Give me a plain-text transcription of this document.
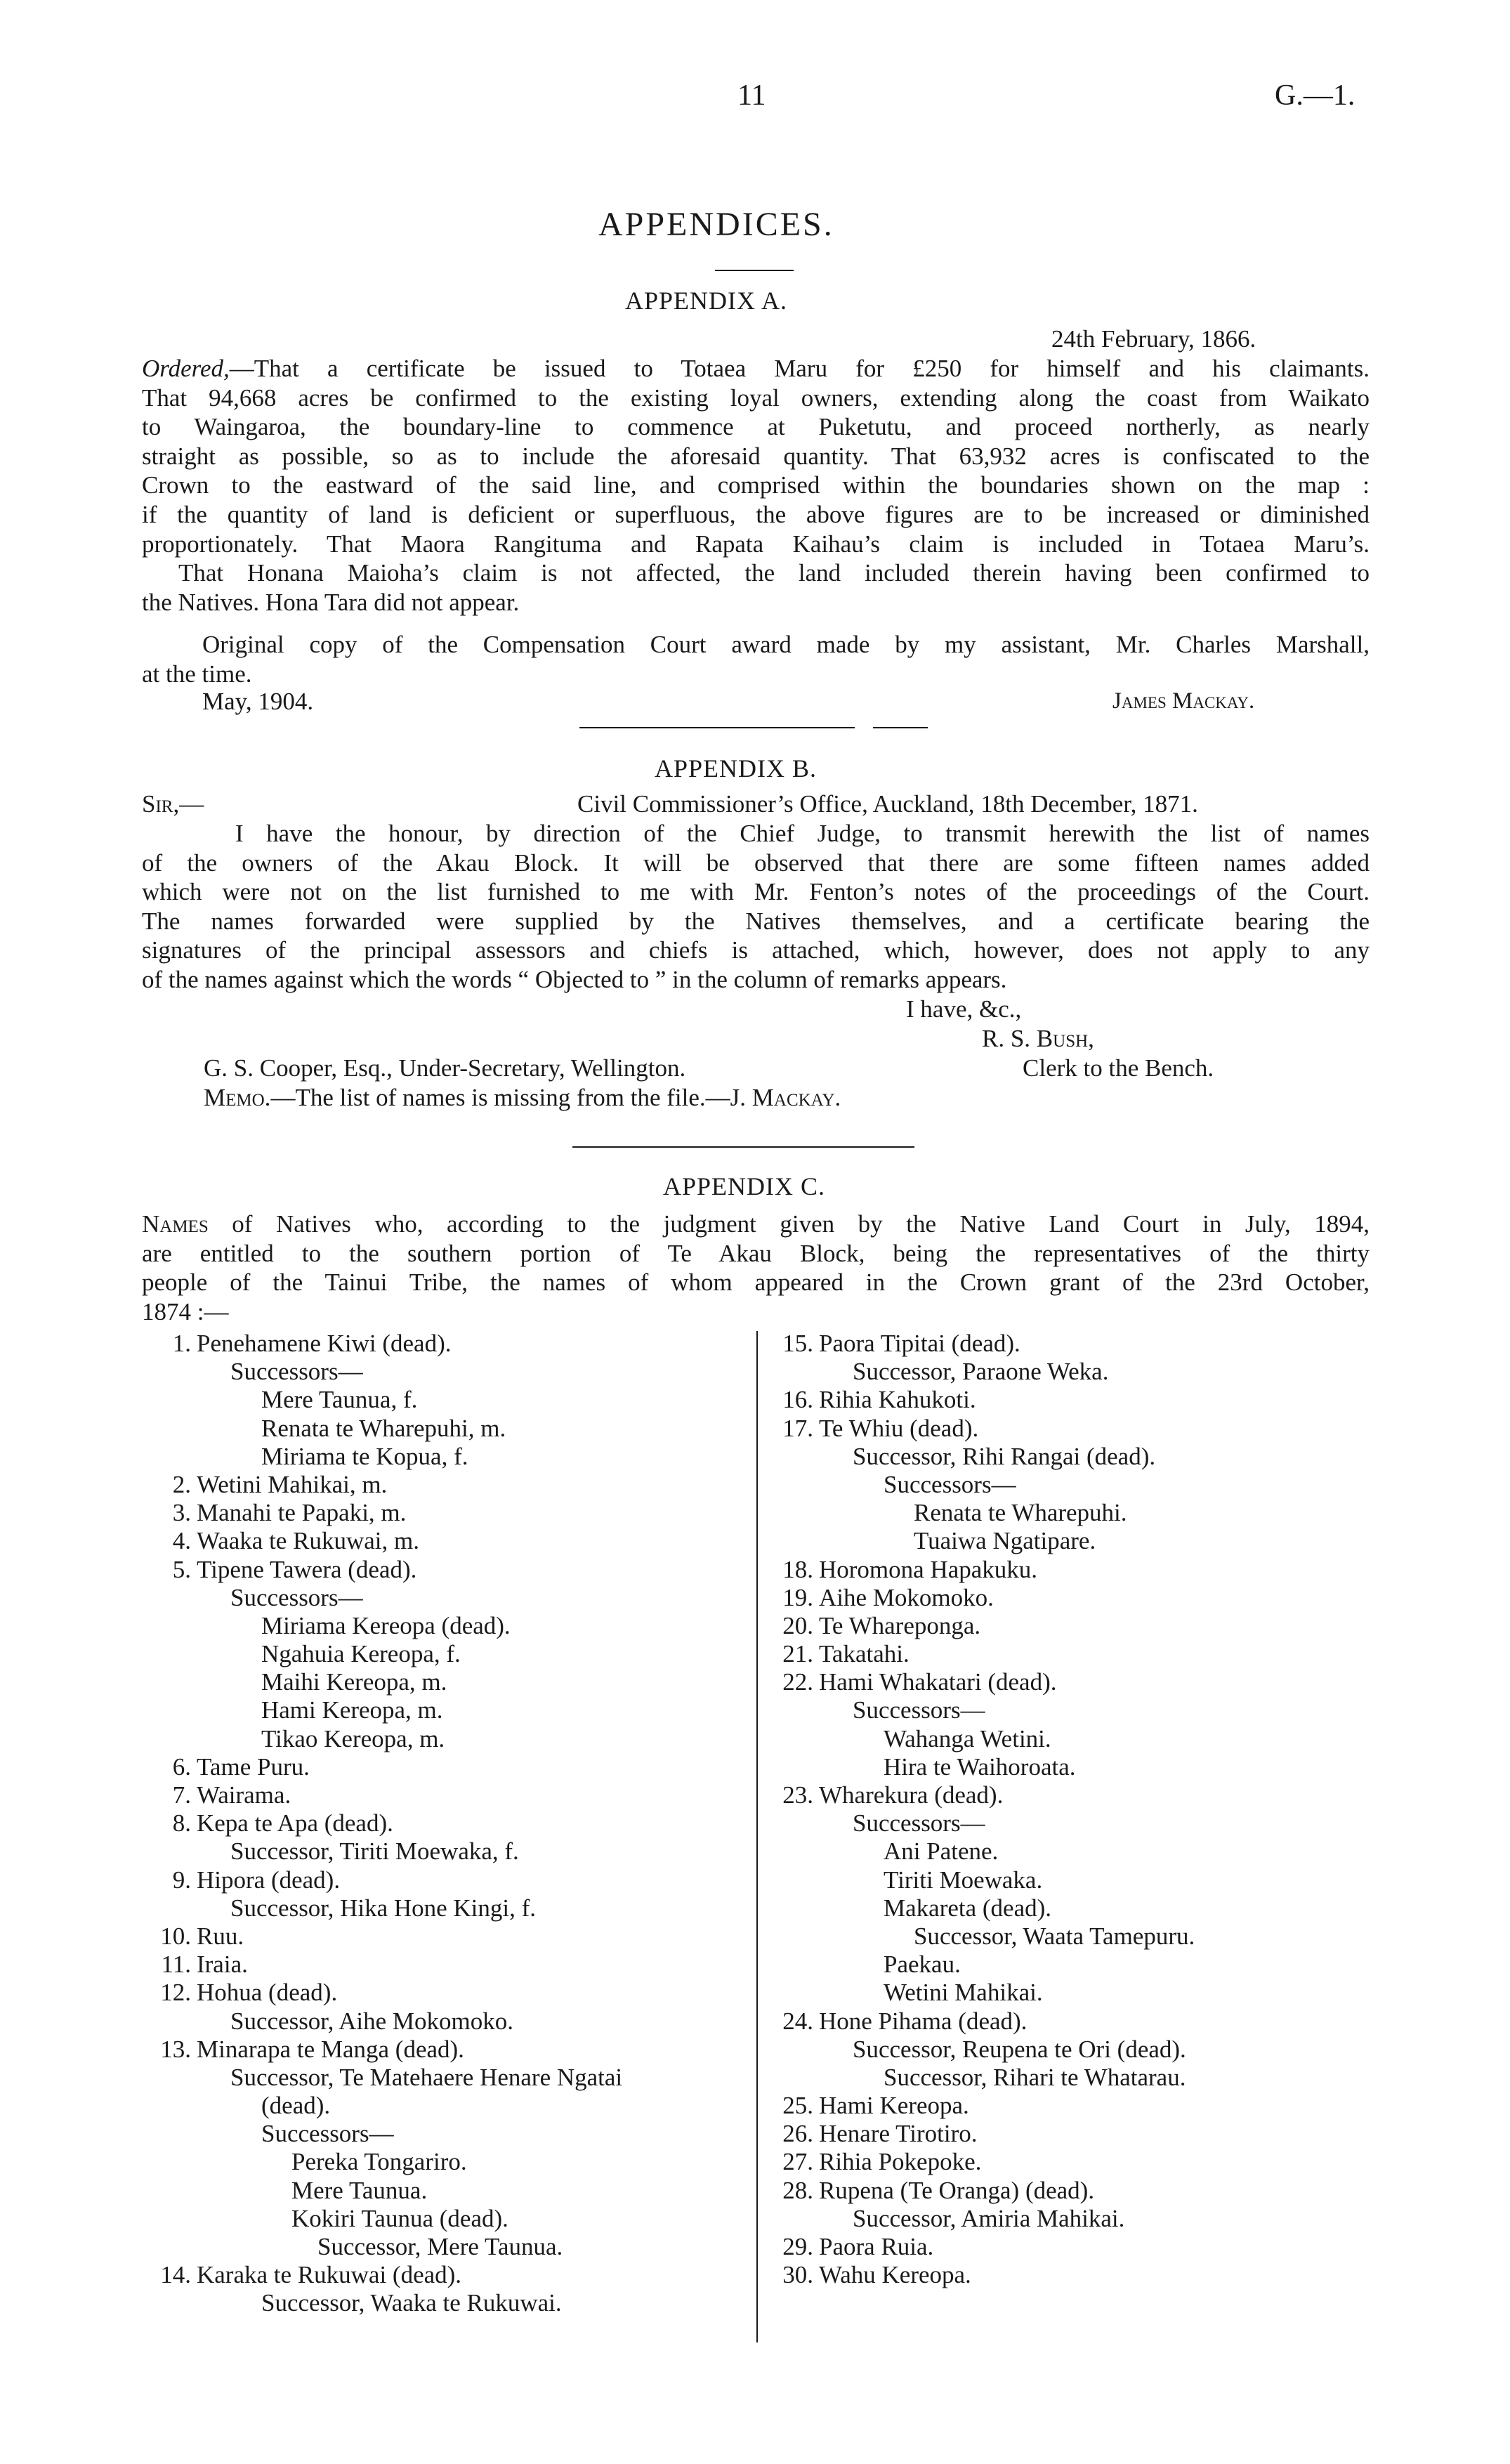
11	G.—1.
APPENDICES.
APPENDIX A.
24th February, 1866.
Ordered,—That a certificate be issued to Totaea Maru for £250 for himself and his claimants.
That 94,668 acres be confirmed to the existing loyal owners, extending along the coast from Waikato
to Waingaroa, the boundary-line to commence at Puketutu, and proceed northerly, as nearly
straight as possible, so as to include the aforesaid quantity. That 63,932 acres is confiscated to the
Crown to the eastward of the said line, and comprised within the boundaries shown on the map :
if the quantity of land is deficient or superfluous, the above figures are to be increased or diminished
proportionately. That Maora Rangituma and Rapata Kaihau’s claim is included in Totaea Maru’s.
That Honana Maioha’s claim is not affected, the land included therein having been confirmed to
the Natives. Hona Tara did not appear.
Original copy of the Compensation Court award made by my assistant, Mr. Charles Marshall,
at the time.
May, 1904.	James Mackay.
APPENDIX B.
Sir,—	Civil Commissioner’s Office, Auckland, 18th December, 1871.
I have the honour, by direction of the Chief Judge, to transmit herewith the list of names
of the owners of the Akau Block. It will be observed that there are some fifteen names added
which were not on the list furnished to me with Mr. Fenton’s notes of the proceedings of the Court.
The names forwarded were supplied by the Natives themselves, and a certificate bearing the
signatures of the principal assessors and chiefs is attached, which, however, does not apply to any
of the names against which the words “ Objected to ” in the column of remarks appears.
I have, &c.,
R. S. Bush,
G. S. Cooper, Esq., Under-Secretary, Wellington.	Clerk to the Bench.
Memo.—The list of names is missing from the file.—J. Mackay.
APPENDIX C.
Names of Natives who, according to the judgment given by the Native Land Court in July, 1894,
are entitled to the southern portion of Te Akau Block, being the representatives of the thirty
people of the Tainui Tribe, the names of whom appeared in the Crown grant of the 23rd October,
1874 :—
1. Penehamene Kiwi (dead).
Successors—
Mere Taunua, f.
Renata te Wharepuhi, m.
Miriama te Kopua, f.
2. Wetini Mahikai, m.
3. Manahi te Papaki, m.
4. Waaka te Rukuwai, m.
5. Tipene Tawera (dead).
Successors—
Miriama Kereopa (dead).
Ngahuia Kereopa, f.
Maihi Kereopa, m.
Hami Kereopa, m.
Tikao Kereopa, m.
6. Tame Puru.
7. Wairama.
8. Kepa te Apa (dead).
Successor, Tiriti Moewaka, f.
9. Hipora (dead).
Successor, Hika Hone Kingi, f.
10. Ruu.
11. Iraia.
12. Hohua (dead).
Successor, Aihe Mokomoko.
13. Minarapa te Manga (dead).
Successor, Te Matehaere Henare Ngatai
(dead).
Successors—
Pereka Tongariro.
Mere Taunua.
Kokiri Taunua (dead).
Successor, Mere Taunua.
14. Karaka te Rukuwai (dead).
Successor, Waaka te Rukuwai.
15. Paora Tipitai (dead).
Successor, Paraone Weka.
16. Rihia Kahukoti.
17. Te Whiu (dead).
Successor, Rihi Rangai (dead).
Successors—
Renata te Wharepuhi.
Tuaiwa Ngatipare.
18. Horomona Hapakuku.
19. Aihe Mokomoko.
20. Te Whareponga.
21. Takatahi.
22. Hami Whakatari (dead).
Successors—
Wahanga Wetini.
Hira te Waihoroata.
23. Wharekura (dead).
Successors—
Ani Patene.
Tiriti Moewaka.
Makareta (dead).
Successor, Waata Tamepuru.
Paekau.
Wetini Mahikai.
24. Hone Pihama (dead).
Successor, Reupena te Ori (dead).
Successor, Rihari te Whatarau.
25. Hami Kereopa.
26. Henare Tirotiro.
27. Rihia Pokepoke.
28. Rupena (Te Oranga) (dead).
Successor, Amiria Mahikai.
29. Paora Ruia.
30. Wahu Kereopa.
